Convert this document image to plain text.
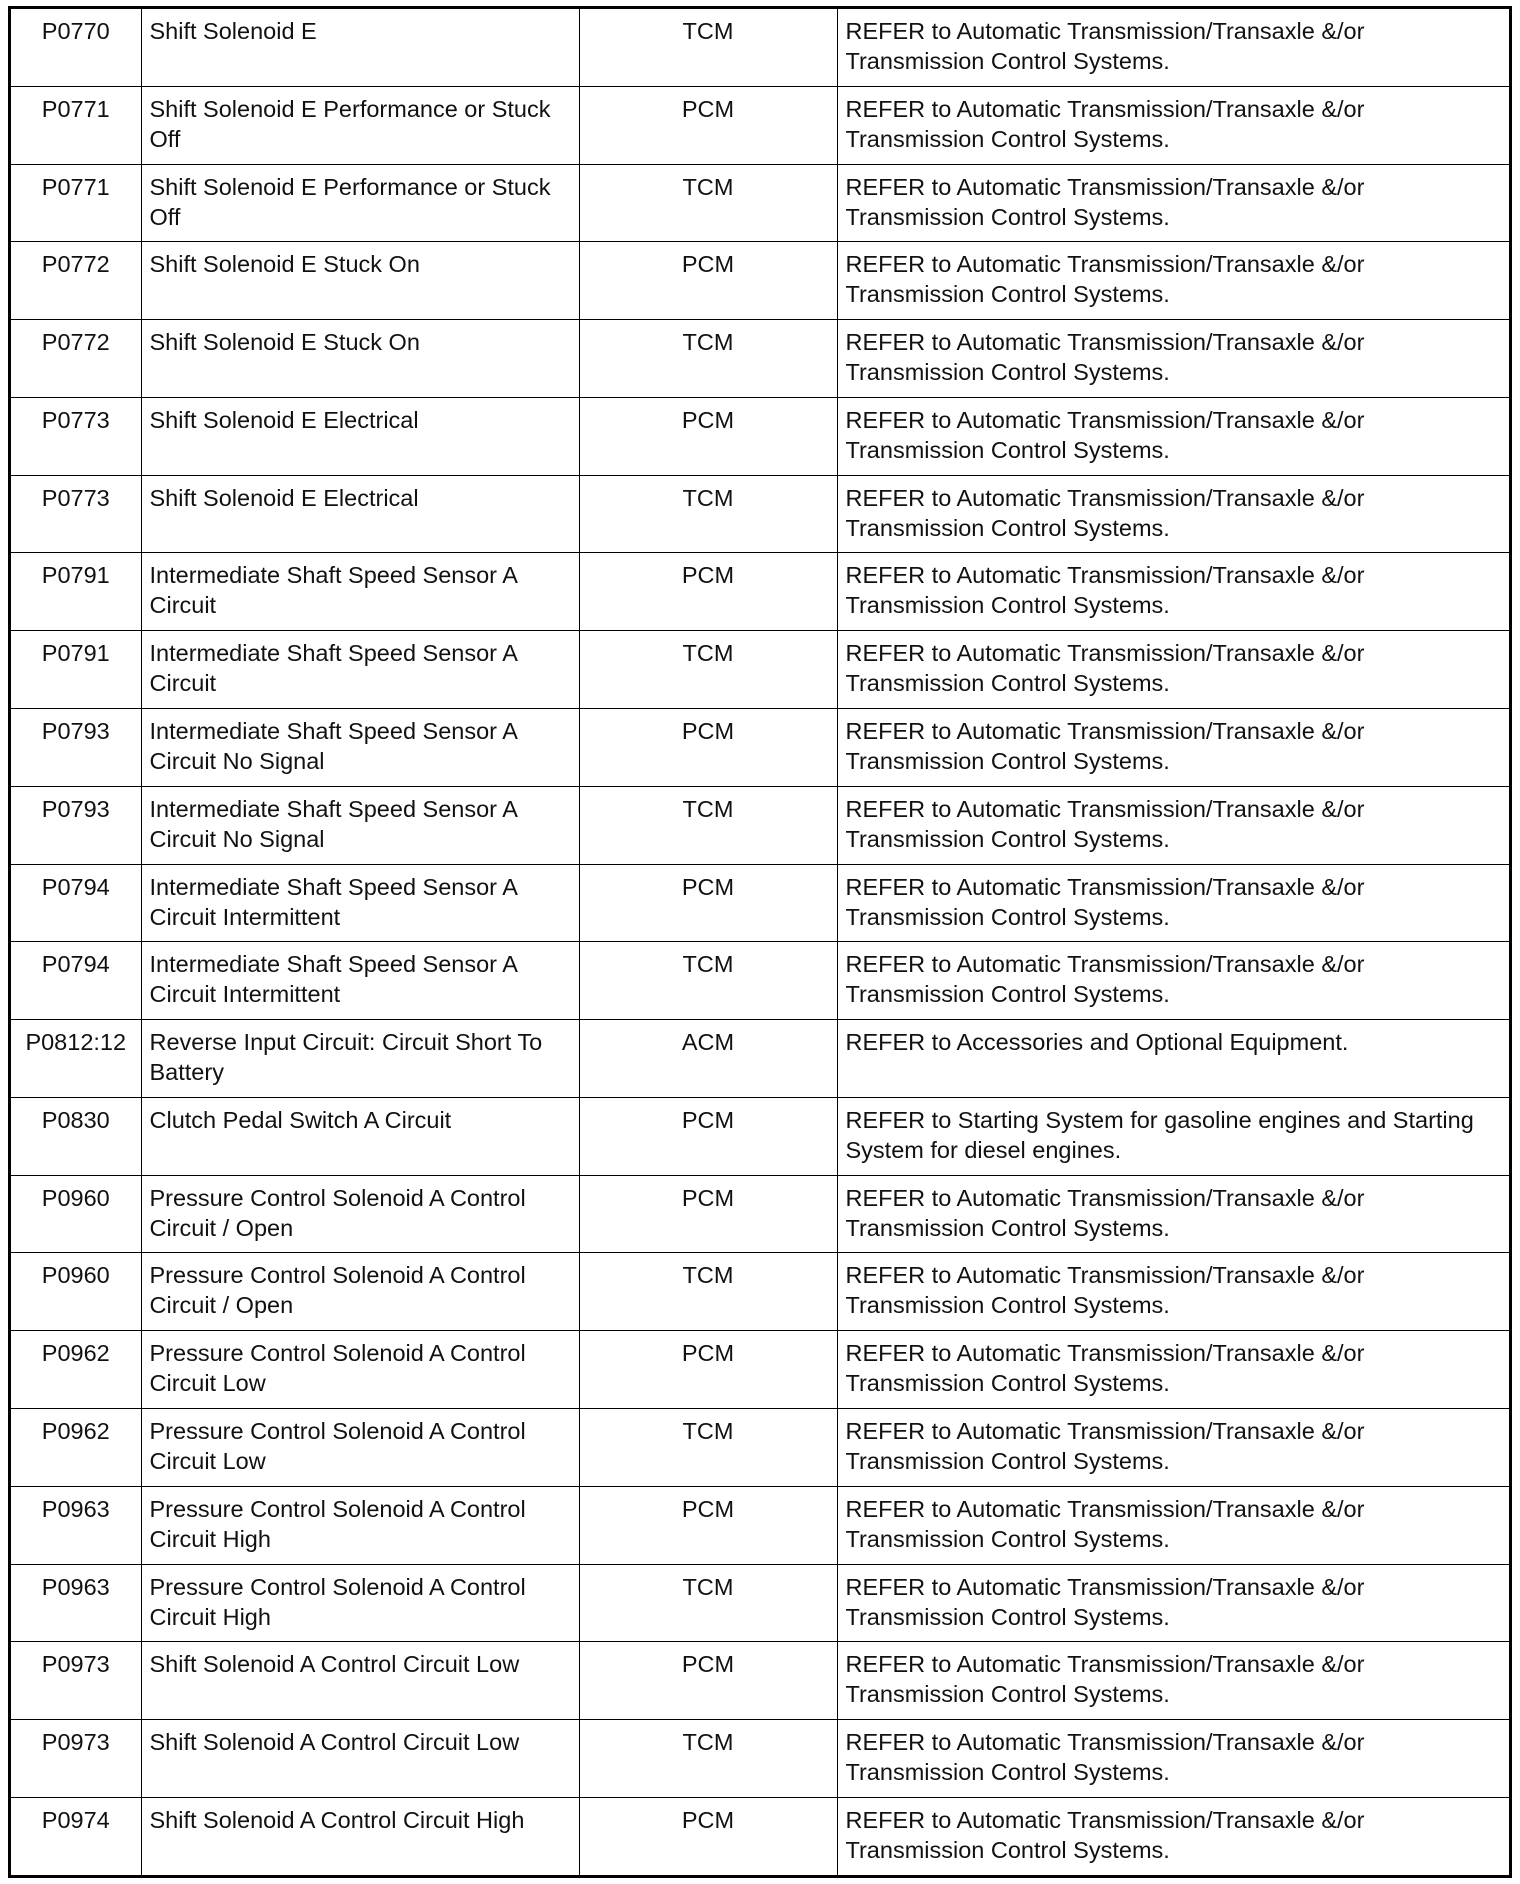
P0770	Shift Solenoid E	TCM	REFER to Automatic Transmission/Transaxle &/or Transmission Control Systems.
P0771	Shift Solenoid E Performance or Stuck Off	PCM	REFER to Automatic Transmission/Transaxle &/or Transmission Control Systems.
P0771	Shift Solenoid E Performance or Stuck Off	TCM	REFER to Automatic Transmission/Transaxle &/or Transmission Control Systems.
P0772	Shift Solenoid E Stuck On	PCM	REFER to Automatic Transmission/Transaxle &/or Transmission Control Systems.
P0772	Shift Solenoid E Stuck On	TCM	REFER to Automatic Transmission/Transaxle &/or Transmission Control Systems.
P0773	Shift Solenoid E Electrical	PCM	REFER to Automatic Transmission/Transaxle &/or Transmission Control Systems.
P0773	Shift Solenoid E Electrical	TCM	REFER to Automatic Transmission/Transaxle &/or Transmission Control Systems.
P0791	Intermediate Shaft Speed Sensor A Circuit	PCM	REFER to Automatic Transmission/Transaxle &/or Transmission Control Systems.
P0791	Intermediate Shaft Speed Sensor A Circuit	TCM	REFER to Automatic Transmission/Transaxle &/or Transmission Control Systems.
P0793	Intermediate Shaft Speed Sensor A Circuit No Signal	PCM	REFER to Automatic Transmission/Transaxle &/or Transmission Control Systems.
P0793	Intermediate Shaft Speed Sensor A Circuit No Signal	TCM	REFER to Automatic Transmission/Transaxle &/or Transmission Control Systems.
P0794	Intermediate Shaft Speed Sensor A Circuit Intermittent	PCM	REFER to Automatic Transmission/Transaxle &/or Transmission Control Systems.
P0794	Intermediate Shaft Speed Sensor A Circuit Intermittent	TCM	REFER to Automatic Transmission/Transaxle &/or Transmission Control Systems.
P0812:12	Reverse Input Circuit: Circuit Short To Battery	ACM	REFER to Accessories and Optional Equipment.
P0830	Clutch Pedal Switch A Circuit	PCM	REFER to Starting System for gasoline engines and Starting System for diesel engines.
P0960	Pressure Control Solenoid A Control Circuit / Open	PCM	REFER to Automatic Transmission/Transaxle &/or Transmission Control Systems.
P0960	Pressure Control Solenoid A Control Circuit / Open	TCM	REFER to Automatic Transmission/Transaxle &/or Transmission Control Systems.
P0962	Pressure Control Solenoid A Control Circuit Low	PCM	REFER to Automatic Transmission/Transaxle &/or Transmission Control Systems.
P0962	Pressure Control Solenoid A Control Circuit Low	TCM	REFER to Automatic Transmission/Transaxle &/or Transmission Control Systems.
P0963	Pressure Control Solenoid A Control Circuit High	PCM	REFER to Automatic Transmission/Transaxle &/or Transmission Control Systems.
P0963	Pressure Control Solenoid A Control Circuit High	TCM	REFER to Automatic Transmission/Transaxle &/or Transmission Control Systems.
P0973	Shift Solenoid A Control Circuit Low	PCM	REFER to Automatic Transmission/Transaxle &/or Transmission Control Systems.
P0973	Shift Solenoid A Control Circuit Low	TCM	REFER to Automatic Transmission/Transaxle &/or Transmission Control Systems.
P0974	Shift Solenoid A Control Circuit High	PCM	REFER to Automatic Transmission/Transaxle &/or Transmission Control Systems.
